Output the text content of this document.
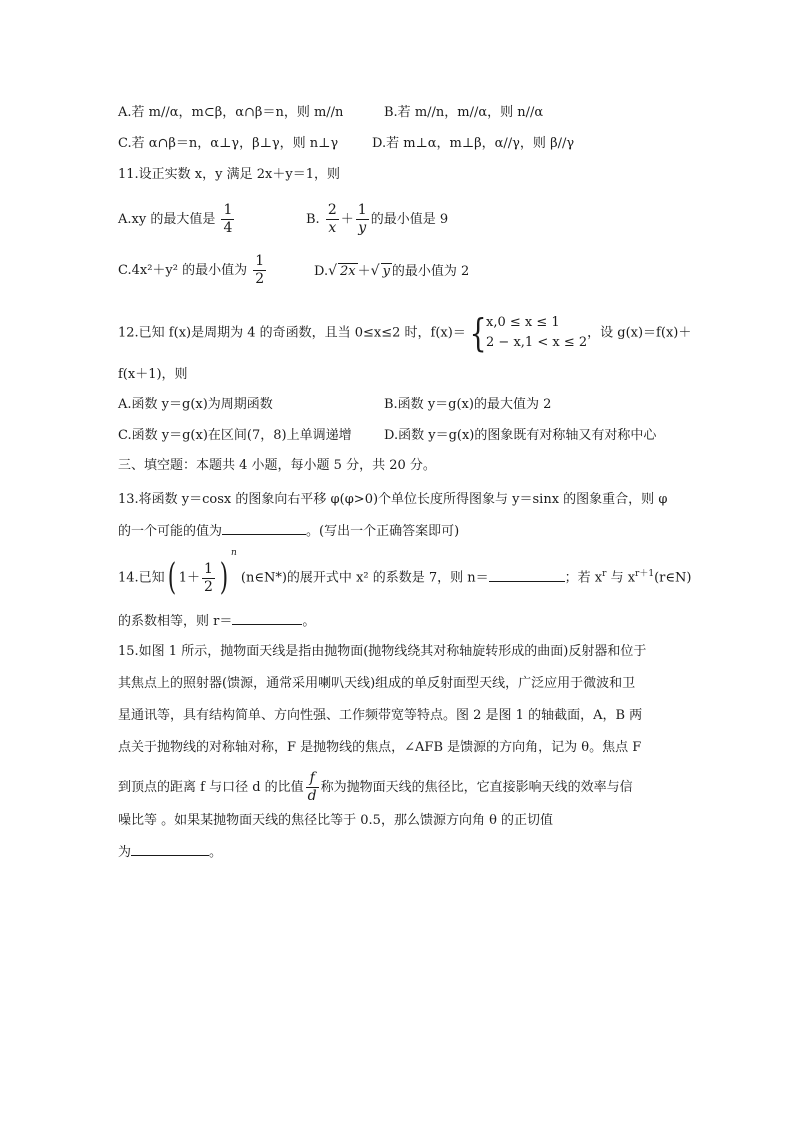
A.若 m//α，m⊂β，α∩β＝n，则 m//n	B.若 m//n，m//α，则 n//α
C.若 α∩β＝n，α⊥γ，β⊥γ，则 n⊥γ	D.若 m⊥α，m⊥β，α//γ，则 β//γ
11.设正实数 x，y 满足 2x＋y＝1，则
A.xy 的最大值是 $\frac{1}{4}$	B. $\frac{2}{x} + \frac{1}{y}$ 的最小值是 9
C.4x²＋y² 的最小值为 $\frac{1}{2}$	D.√ 2x ＋√ y 的最小值为 2
12.已知 f(x)是周期为 4 的奇函数，且当 0≤x≤2 时，f(x)＝{ x,0 ≤ x ≤ 1
2 − x,1 < x ≤ 2
，设 g(x)＝f(x)＋
f(x＋1)，则
A.函数 y＝g(x)为周期函数	B.函数 y＝g(x)的最大值为 2
C.函数 y＝g(x)在区间(7，8)上单调递增 D.函数 y＝g(x)的图象既有对称轴又有对称中心
三、填空题：本题共 4 小题，每小题 5 分，共 20 分。
13.将函数 y＝cosx 的图象向右平移 φ(φ>0)个单位长度所得图象与 y＝sinx 的图象重合，则 φ
的一个可能的值为	。(写出一个正确答案即可)
14.已知( $1+ \frac{1}{2} )^n$ (n∈N*)的展开式中 x² 的系数是 7，则 n＝	；若 $x^r$ 与 $x^{r+1}(r\in N)$
的系数相等，则 r＝	。
15.如图 1 所示，抛物面天线是指由抛物面(抛物线绕其对称轴旋转形成的曲面)反射器和位于
其焦点上的照射器(馈源，通常采用喇叭天线)组成的单反射面型天线，广泛应用于微波和卫
星通讯等，具有结构简单、方向性强、工作频带宽等特点。图 2 是图 1 的轴截面，A，B 两
点关于抛物线的对称轴对称，F 是抛物线的焦点，∠AFB 是馈源的方向角，记为 θ。焦点 F
到顶点的距离 f 与口径 d 的比值 $\frac{f}{d}$ 称为抛物面天线的焦径比，它直接影响天线的效率与信
噪比等 。如果某抛物面天线的焦径比等于 0.5，那么馈源方向角 θ 的正切值
为	。
